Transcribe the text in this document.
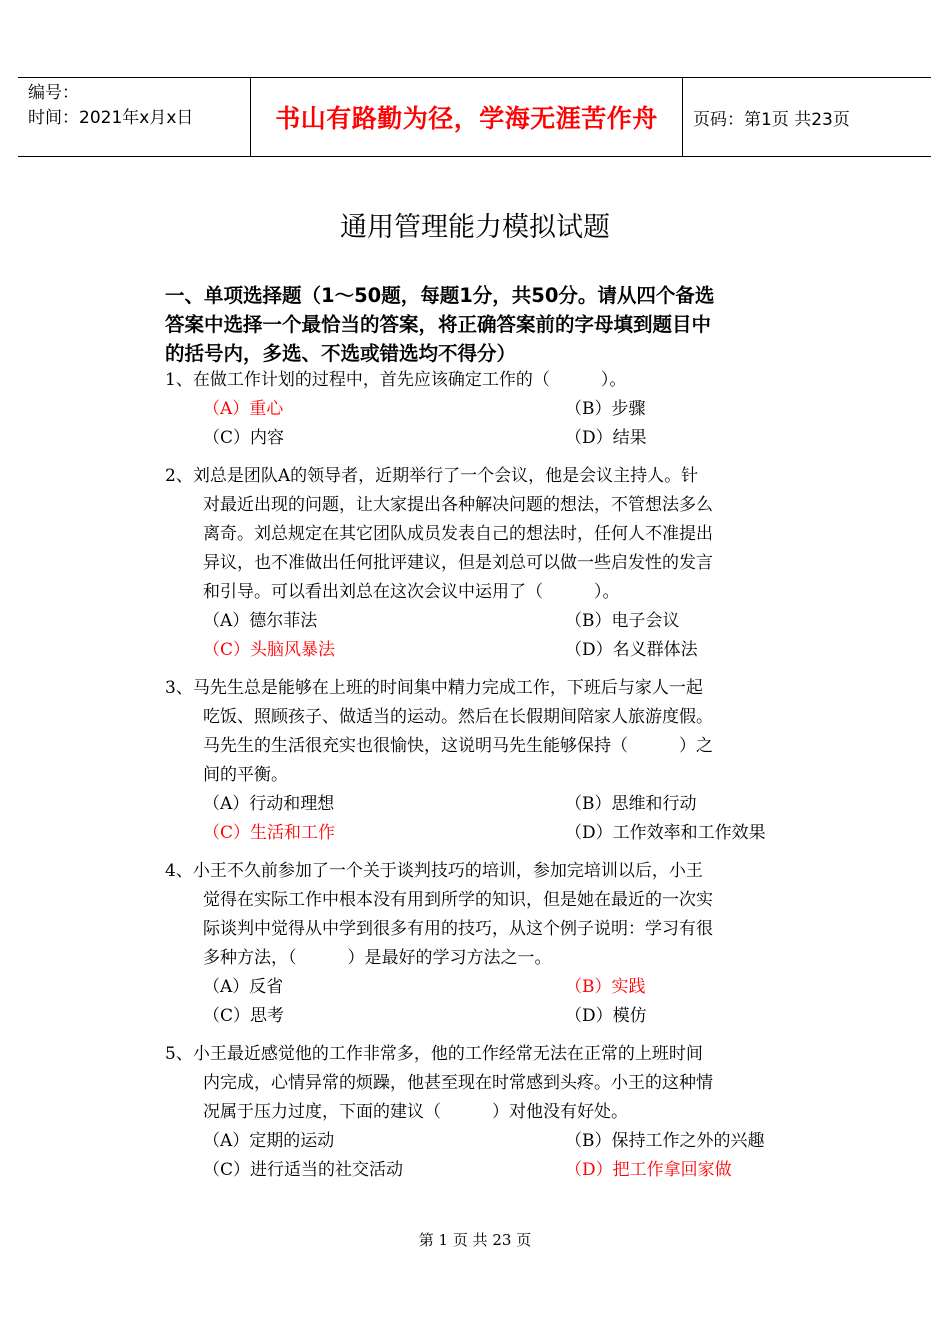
编号：
时间：2021年x月x日	书山有路勤为径，学海无涯苦作舟	页码：第1页 共23页
通用管理能力模拟试题
一、单项选择题（1～50题，每题1分，共50分。请从四个备选
答案中选择一个最恰当的答案，将正确答案前的字母填到题目中
的括号内，多选、不选或错选均不得分）
1、在做工作计划的过程中，首先应该确定工作的（　　　）。
（A）重心	（B）步骤
（C）内容	（D）结果
2、刘总是团队A的领导者，近期举行了一个会议，他是会议主持人。针
对最近出现的问题，让大家提出各种解决问题的想法，不管想法多么
离奇。刘总规定在其它团队成员发表自己的想法时，任何人不准提出
异议，也不准做出任何批评建议，但是刘总可以做一些启发性的发言
和引导。可以看出刘总在这次会议中运用了（　　　）。
（A）德尔菲法	（B）电子会议
（C）头脑风暴法	（D）名义群体法
3、马先生总是能够在上班的时间集中精力完成工作，下班后与家人一起
吃饭、照顾孩子、做适当的运动。然后在长假期间陪家人旅游度假。
马先生的生活很充实也很愉快，这说明马先生能够保持（　　　）之
间的平衡。
（A）行动和理想	（B）思维和行动
（C）生活和工作	（D）工作效率和工作效果
4、小王不久前参加了一个关于谈判技巧的培训，参加完培训以后，小王
觉得在实际工作中根本没有用到所学的知识，但是她在最近的一次实
际谈判中觉得从中学到很多有用的技巧，从这个例子说明：学习有很
多种方法，（　　　）是最好的学习方法之一。
（A）反省	（B）实践
（C）思考	（D）模仿
5、小王最近感觉他的工作非常多，他的工作经常无法在正常的上班时间
内完成，心情异常的烦躁，他甚至现在时常感到头疼。小王的这种情
况属于压力过度，下面的建议（　　　）对他没有好处。
（A）定期的运动	（B）保持工作之外的兴趣
（C）进行适当的社交活动	（D）把工作拿回家做
第 1 页 共 23 页
